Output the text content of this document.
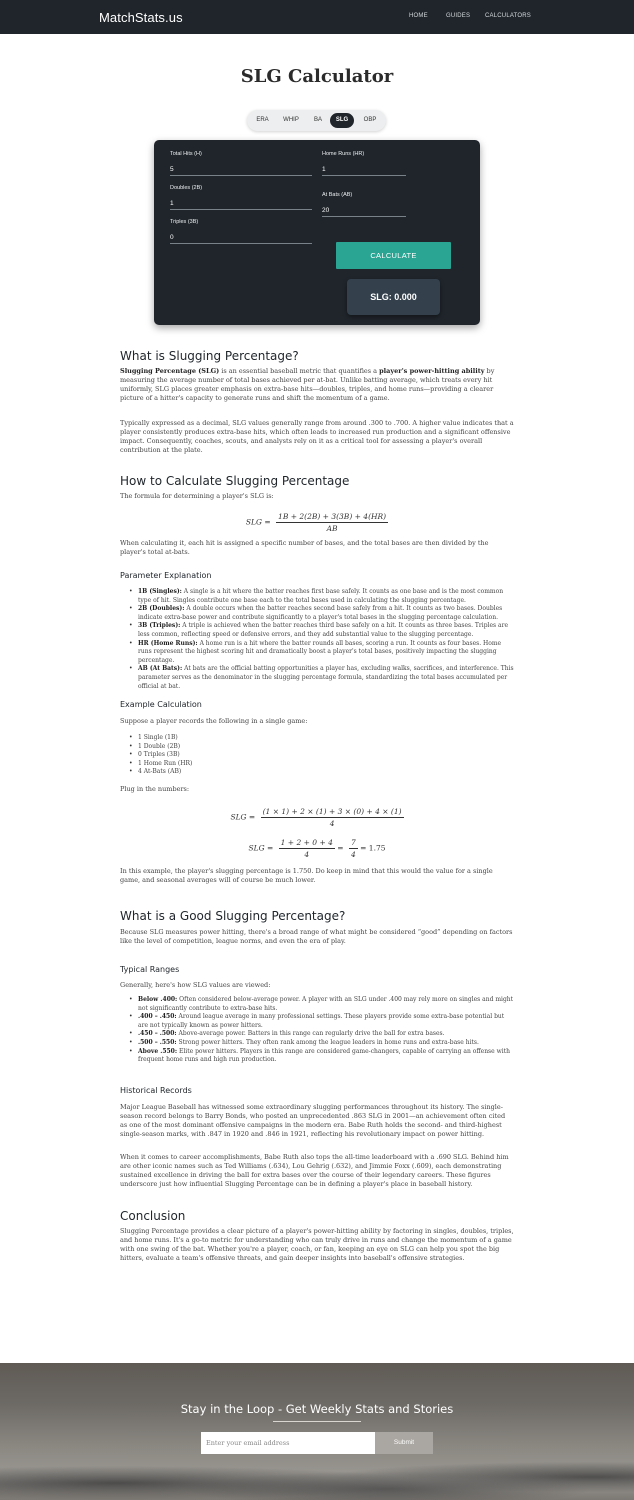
MatchStats.us	HOME	GUIDES CALCULATORS
SLG Calculator
ERA	WHIP	BA	SLG	OBP
Total Hits (H)
5
Doubles (2B)
1
Triples (3B)
0
Home Runs (HR)
1
At Bats (AB)
20
CALCULATE
SLG: 0.000
What is Slugging Percentage?
Slugging Percentage (SLG) is an essential baseball metric that quantifies a player's power-hitting ability by measuring the average number of total bases achieved per at-bat. Unlike batting average, which treats every hit uniformly, SLG places greater emphasis on extra-base hits—doubles, triples, and home runs—providing a clearer picture of a hitter's capacity to generate runs and shift the momentum of a game.
Typically expressed as a decimal, SLG values generally range from around .300 to .700. A higher value indicates that a player consistently produces extra-base hits, which often leads to increased run production and a significant offensive impact. Consequently, coaches, scouts, and analysts rely on it as a critical tool for assessing a player's overall contribution at the plate.
How to Calculate Slugging Percentage
The formula for determining a player's SLG is:
SLG = $\frac{1B + 2(2B) + 3(3B) + 4(HR)}{AB}$
When calculating it, each hit is assigned a specific number of bases, and the total bases are then divided by the player's total at-bats.
Parameter Explanation
• 1B (Singles): A single is a hit where the batter reaches first base safely. It counts as one base and is the most common type of hit. Singles contribute one base each to the total bases used in calculating the slugging percentage.
• 2B (Doubles): A double occurs when the batter reaches second base safely from a hit. It counts as two bases. Doubles indicate extra-base power and contribute significantly to a player's total bases in the slugging percentage calculation.
• 3B (Triples): A triple is achieved when the batter reaches third base safely on a hit. It counts as three bases. Triples are less common, reflecting speed or defensive errors, and they add substantial value to the slugging percentage.
• HR (Home Runs): A home run is a hit where the batter rounds all bases, scoring a run. It counts as four bases. Home runs represent the highest scoring hit and dramatically boost a player's total bases, positively impacting the slugging percentage.
• AB (At Bats): At bats are the official batting opportunities a player has, excluding walks, sacrifices, and interference. This parameter serves as the denominator in the slugging percentage formula, standardizing the total bases accumulated per official at bat.
Example Calculation
Suppose a player records the following in a single game:
• 1 Single (1B)
• 1 Double (2B)
• 0 Triples (3B)
• 1 Home Run (HR)
• 4 At-Bats (AB)
Plug in the numbers:
SLG = $\frac{(1 \times 1) + 2 \times (1) + 3 \times (0) + 4 \times (1)}{4}$
SLG = $\frac{1 + 2 + 0 + 4}{4} = \frac{7}{4} = 1.75$
In this example, the player's slugging percentage is 1.750. Do keep in mind that this would the value for a single game, and seasonal averages will of course be much lower.
What is a Good Slugging Percentage?
Because SLG measures power hitting, there's a broad range of what might be considered “good” depending on factors like the level of competition, league norms, and even the era of play.
Typical Ranges
Generally, here's how SLG values are viewed:
• Below .400: Often considered below-average power. A player with an SLG under .400 may rely more on singles and might not significantly contribute to extra-base hits.
• .400 – .450: Around league average in many professional settings. These players provide some extra-base potential but are not typically known as power hitters.
• .450 – .500: Above-average power. Batters in this range can regularly drive the ball for extra bases.
• .500 – .550: Strong power hitters. They often rank among the league leaders in home runs and extra-base hits.
• Above .550: Elite power hitters. Players in this range are considered game-changers, capable of carrying an offense with frequent home runs and high run production.
Historical Records
Major League Baseball has witnessed some extraordinary slugging performances throughout its history. The single-season record belongs to Barry Bonds, who posted an unprecedented .863 SLG in 2001—an achievement often cited as one of the most dominant offensive campaigns in the modern era. Babe Ruth holds the second- and third-highest single-season marks, with .847 in 1920 and .846 in 1921, reflecting his revolutionary impact on power hitting.
When it comes to career accomplishments, Babe Ruth also tops the all-time leaderboard with a .690 SLG. Behind him are other iconic names such as Ted Williams (.634), Lou Gehrig (.632), and Jimmie Foxx (.609), each demonstrating sustained excellence in driving the ball for extra bases over the course of their legendary careers. These figures underscore just how influential Slugging Percentage can be in defining a player's place in baseball history.
Conclusion
Slugging Percentage provides a clear picture of a player's power-hitting ability by factoring in singles, doubles, triples, and home runs. It's a go-to metric for understanding who can truly drive in runs and change the momentum of a game with one swing of the bat. Whether you're a player, coach, or fan, keeping an eye on SLG can help you spot the big hitters, evaluate a team's offensive threats, and gain deeper insights into baseball's offensive strategies.
Stay in the Loop - Get Weekly Stats and Stories
Enter your email address
Submit
